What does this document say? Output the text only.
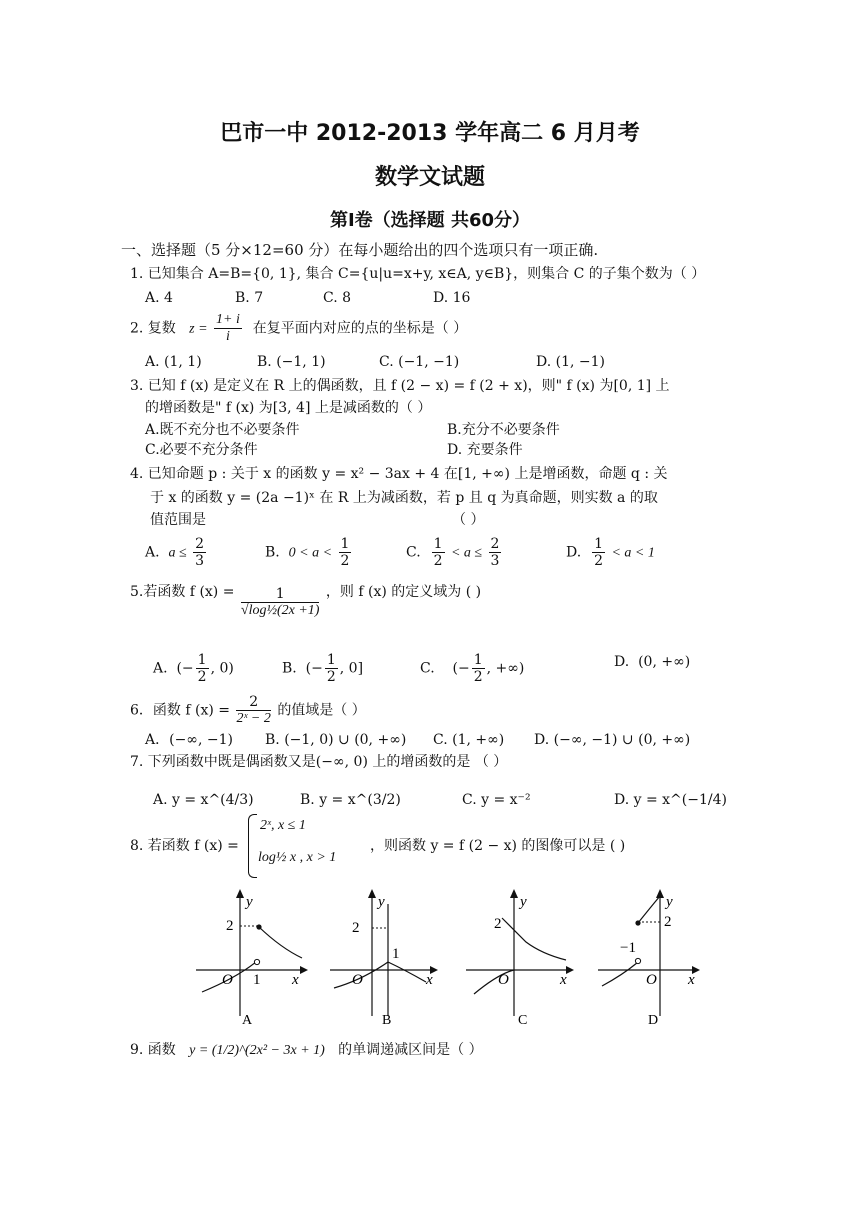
巴市一中 2012-2013 学年高二 6 月月考
数学文试题
第Ⅰ卷（选择题 共60分）
一、选择题（5 分×12=60 分）在每小题给出的四个选项只有一项正确.
1. 已知集合 A=B={0, 1}, 集合 C={u|u=x+y, x∈A, y∈B}，则集合 C 的子集个数为（ ）
A. 4	B. 7	C. 8	D. 16
2. 复数 $z = \frac{1+ i}{i}$ 在复平面内对应的点的坐标是（ ）
A. (1, 1)	B. (−1, 1)	C. (−1, −1)	D. (1, −1)
3. 已知 f (x) 是定义在 R 上的偶函数，且 f (2 − x) = f (2 + x)，则" f (x) 为[0, 1] 上
的增函数是" f (x) 为[3, 4] 上是减函数的（ ）
A.既不充分也不必要条件	B.充分不必要条件
C.必要不充分条件	D. 充要条件
4. 已知命题 p : 关于 x 的函数 y = x² − 3ax + 4 在[1, +∞) 上是增函数，命题 q : 关
于 x 的函数 y = (2a −1)ˣ 在 R 上为减函数，若 p 且 q 为真命题，则实数 a 的取
值范围是	（ ）
A. $a \le \frac{2}{3}$	B. $0 < a < \frac{1}{2}$	C. $\frac{1}{2} < a \le \frac{2}{3}$	D. $\frac{1}{2} < a < 1$
5.若函数 f $(x) = \frac{1}{\text{√log½(2x +1)}}$ ，则 f (x) 的定义域为 ( )
A. (− $\frac{1}{2}$ , 0)	B. (− $\frac{1}{2}$ , 0]	C. (− $\frac{1}{2}$ , +∞)	D. (0, +∞)
6．函数 f $(x) = \frac{2}{\text{2ˣ − 2}}$ 的值域是（ ）
A．(−∞, −1) B. (−1, 0) ∪ (0, +∞) C. (1, +∞) D. (−∞, −1) ∪ (0, +∞)
7. 下列函数中既是偶函数又是(−∞, 0) 上的增函数的是 （ ）
A. y = x^(4/3)	B. y = x^(3/2)	C. y = x⁻²	D. y = x^(−1/4)
8. 若函数 f (x) =
2ˣ, x ≤ 1
log½ x , x > 1
，则函数 y = f (2 − x) 的图像可以是 ( )
2
O 1 x
y
A
2
O
1
x
y
B
2
O	x
y
C
2
−1
O x
y
D
9. 函数 y = (1/2)^(2x² − 3x + 1) 的单调递减区间是（ ）
